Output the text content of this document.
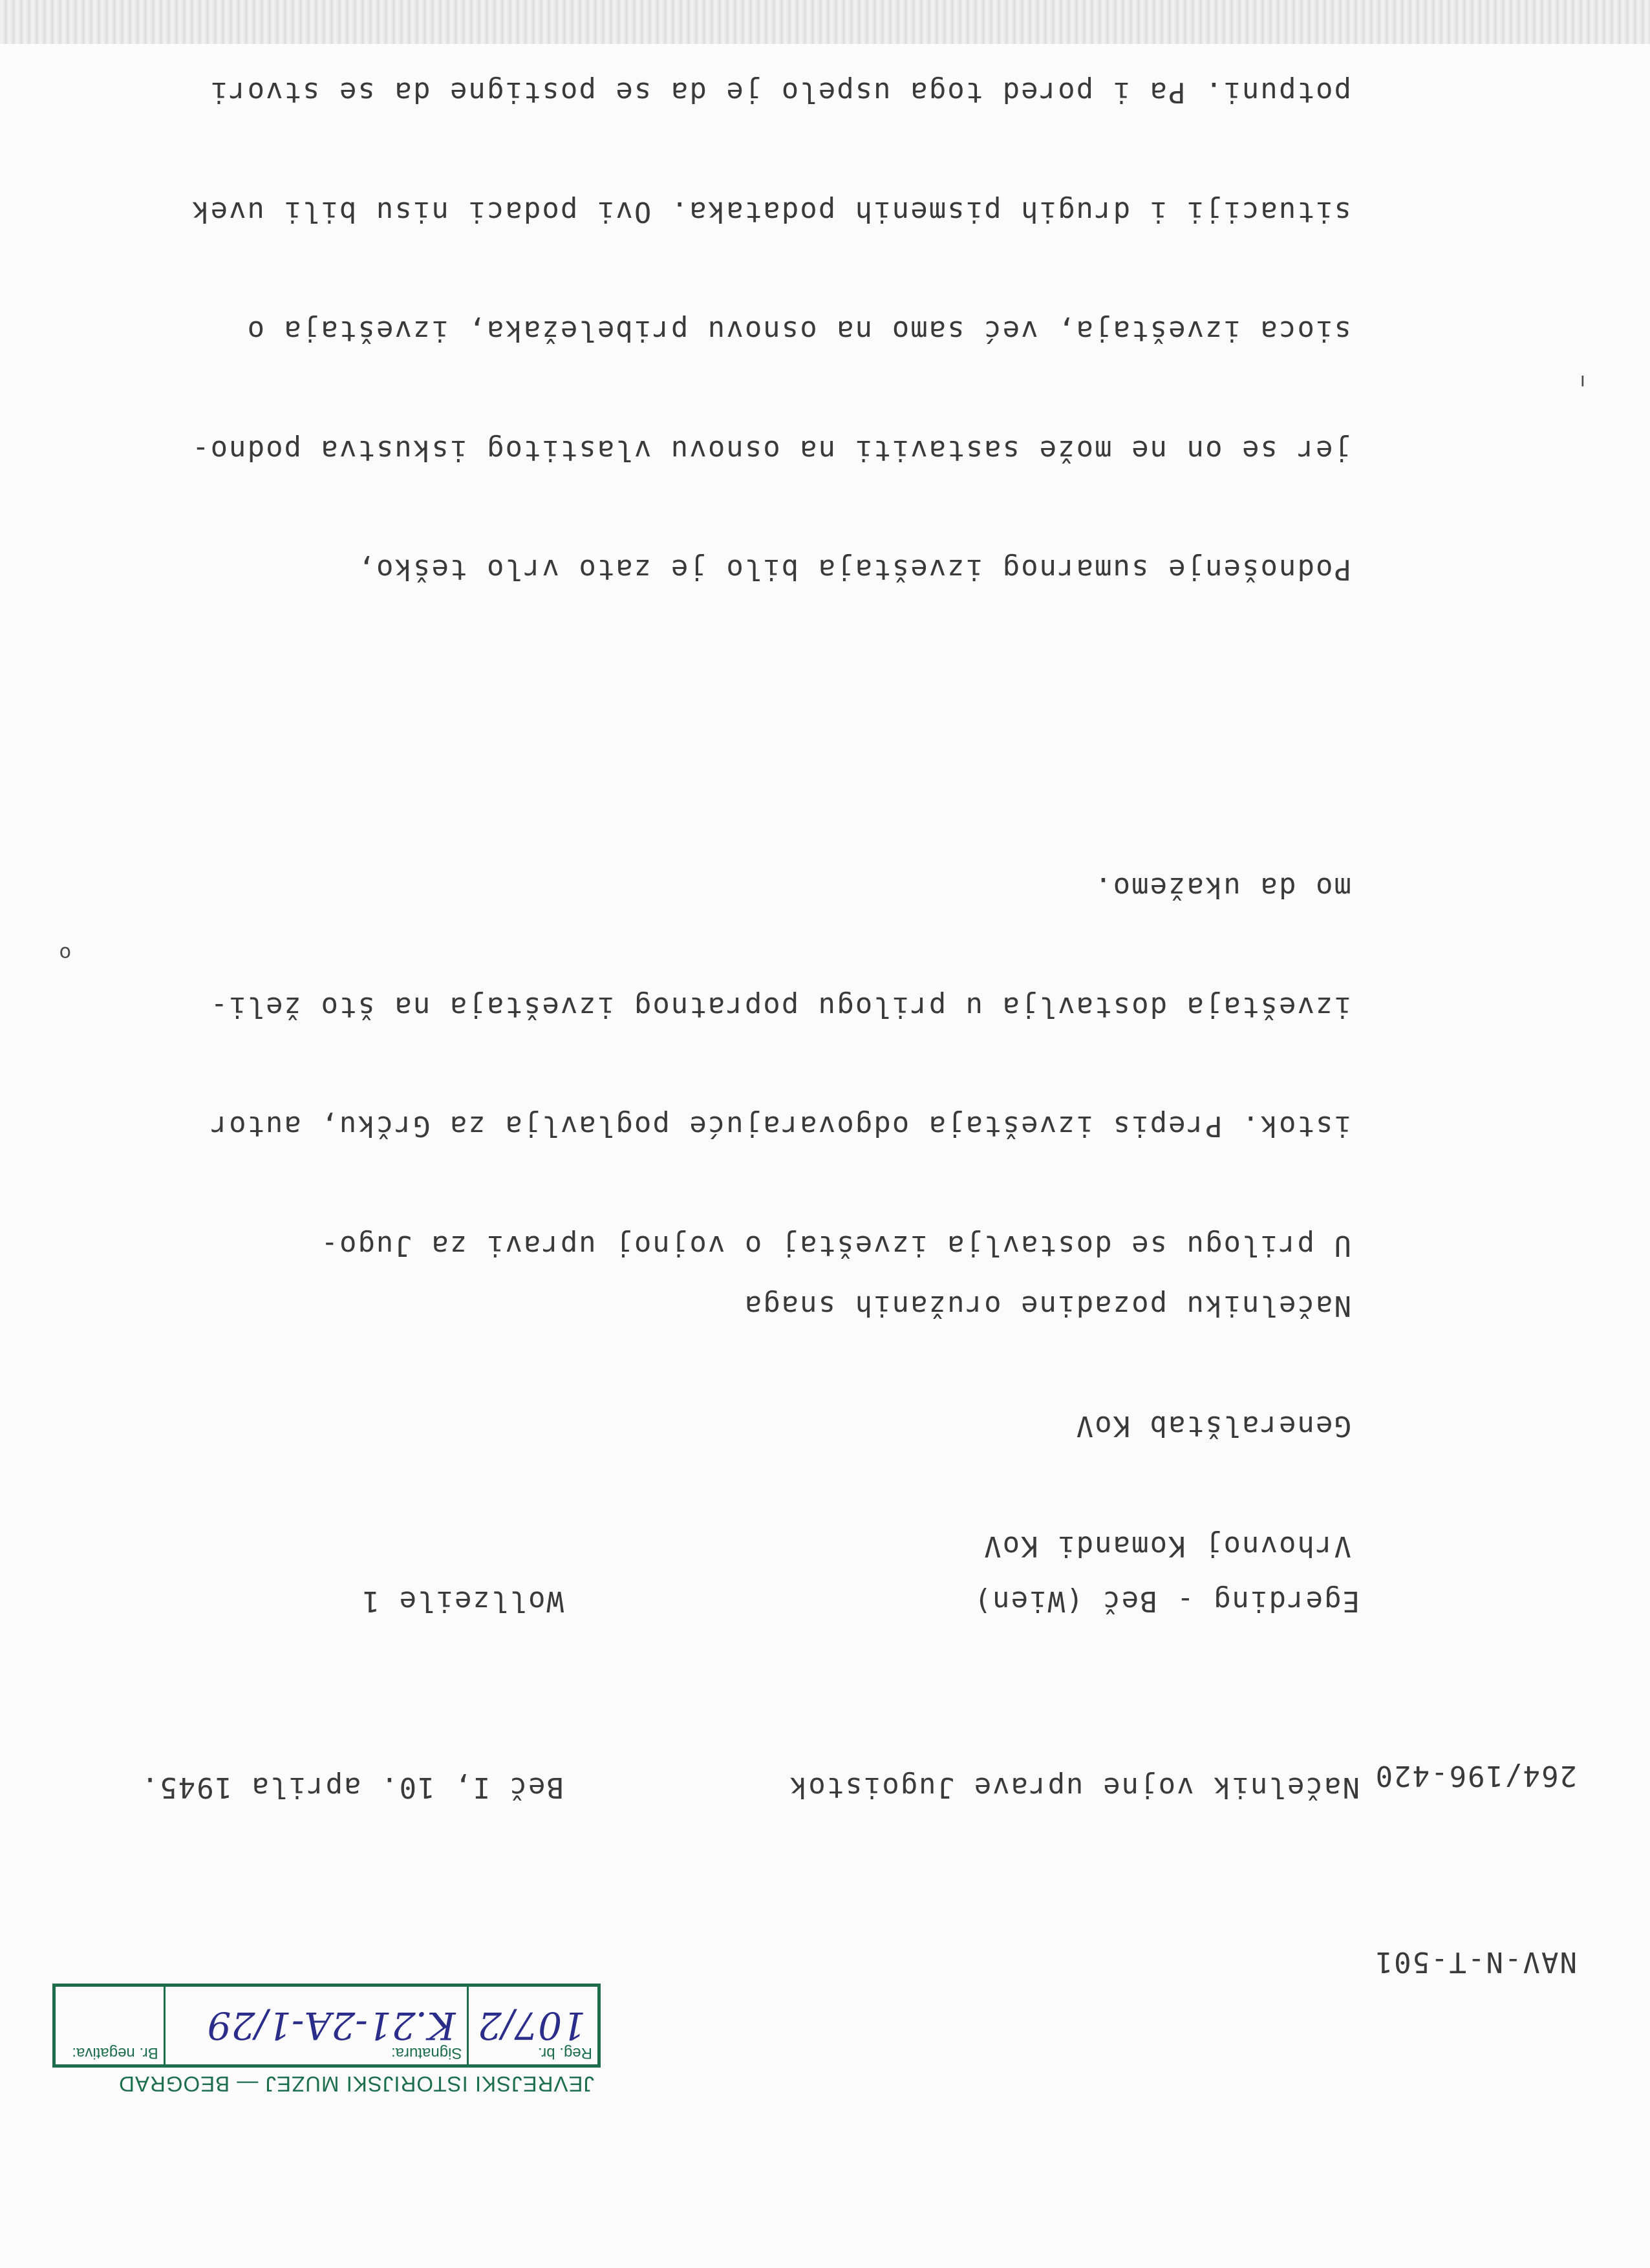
NAV-N-T-501

264/196-420

JEVREJSKI ISTORIJSKI MUZEJ — BEOGRAD
Reg. br.
107/2
Signatura:
K.21-2A-1/29
Br. negativa:

Načelnik vojne uprave Jugoistok

Egerding - Beč (Wien)

Beč I, 10. aprila 1945.

Wollzeile 1

Vrhovnoj Komandi KoV

Generalštab KoV

Načelniku pozadine oružanih snaga

U prilogu se dostavlja izveštaj o vojnoj upravi za Jugo-

istok. Prepis izveštaja odgovarajuće poglavlja za Grčku, autor

izveštaja dostavlja u prilogu popratnog izveštaja na što želi-

mo da ukažemo.

Podnošenje sumarnog izveštaja bilo je zato vrlo teško,

jer se on ne može sastaviti na osnovu vlastitog iskustva podno-

sioca izveštaja, već samo na osnovu pribeležaka, izveštaja o

situaciji i drugih pismenih podataka. Ovi podaci nisu bili uvek

potpuni. Pa i pored toga uspelo je da se postigne da se stvori

o
ı
